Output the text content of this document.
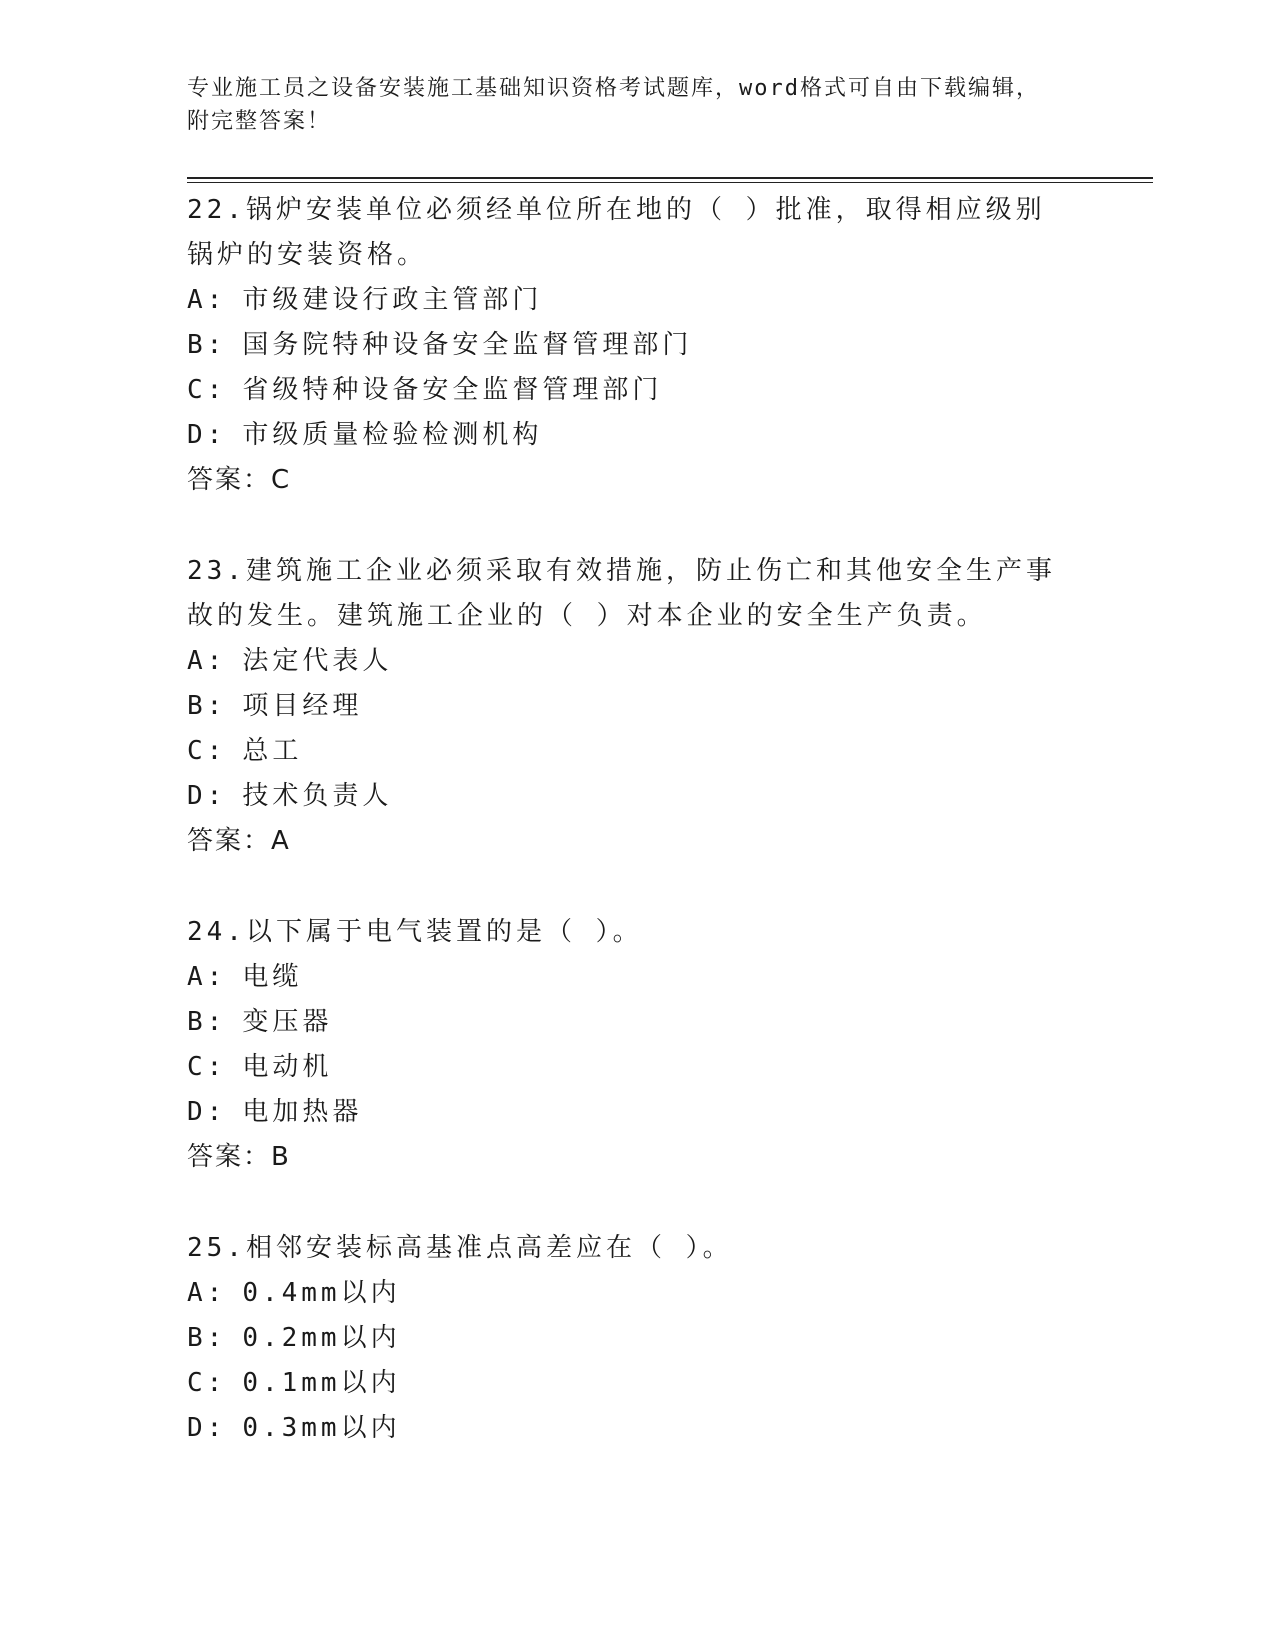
专业施工员之设备安装施工基础知识资格考试题库，word格式可自由下载编辑，
附完整答案！
22.锅炉安装单位必须经单位所在地的（ ）批准，取得相应级别锅炉的安装资格。
A: 市级建设行政主管部门
B: 国务院特种设备安全监督管理部门
C: 省级特种设备安全监督管理部门
D: 市级质量检验检测机构
答案：C
23.建筑施工企业必须采取有效措施，防止伤亡和其他安全生产事故的发生。建筑施工企业的（ ）对本企业的安全生产负责。
A: 法定代表人
B: 项目经理
C: 总工
D: 技术负责人
答案：A
24.以下属于电气装置的是（ ）。
A: 电缆
B: 变压器
C: 电动机
D: 电加热器
答案：B
25.相邻安装标高基准点高差应在（ ）。
A: 0.4mm以内
B: 0.2mm以内
C: 0.1mm以内
D: 0.3mm以内
